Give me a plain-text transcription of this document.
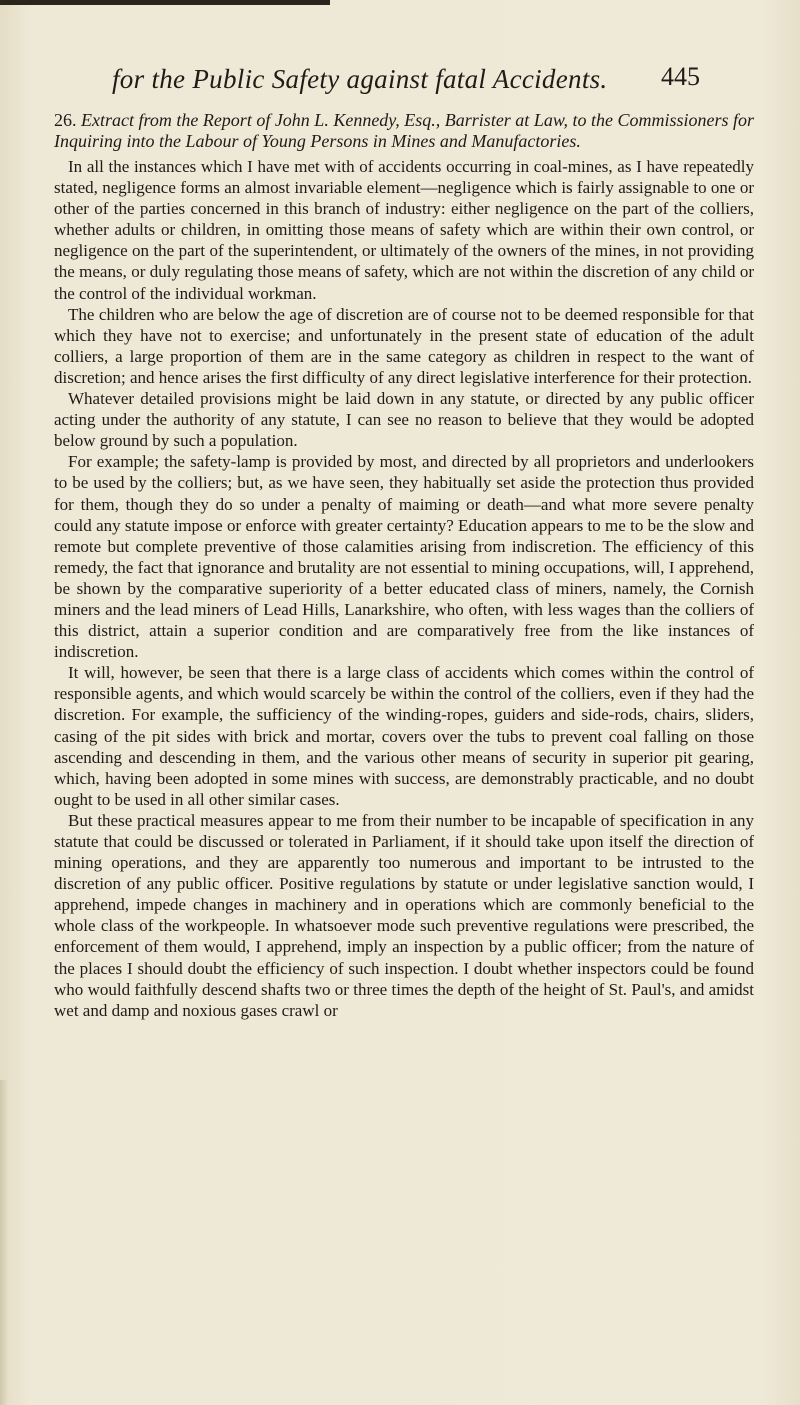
for the Public Safety against fatal Accidents. 445

26. Extract from the Report of John L. Kennedy, Esq., Barrister at Law, to the Commissioners for Inquiring into the Labour of Young Persons in Mines and Manufactories.

In all the instances which I have met with of accidents occurring in coal-mines, as I have repeatedly stated, negligence forms an almost invariable element—negligence which is fairly assignable to one or other of the parties concerned in this branch of industry: either negligence on the part of the colliers, whether adults or children, in omitting those means of safety which are within their own control, or negligence on the part of the superintendent, or ultimately of the owners of the mines, in not providing the means, or duly regulating those means of safety, which are not within the discretion of any child or the control of the individual workman.

The children who are below the age of discretion are of course not to be deemed responsible for that which they have not to exercise; and unfortunately in the present state of education of the adult colliers, a large proportion of them are in the same category as children in respect to the want of discretion; and hence arises the first difficulty of any direct legislative interference for their protection.

Whatever detailed provisions might be laid down in any statute, or directed by any public officer acting under the authority of any statute, I can see no reason to believe that they would be adopted below ground by such a population.

For example; the safety-lamp is provided by most, and directed by all proprietors and underlookers to be used by the colliers; but, as we have seen, they habitually set aside the protection thus provided for them, though they do so under a penalty of maiming or death—and what more severe penalty could any statute impose or enforce with greater certainty? Education appears to me to be the slow and remote but complete preventive of those calamities arising from indiscretion. The efficiency of this remedy, the fact that ignorance and brutality are not essential to mining occupations, will, I apprehend, be shown by the comparative superiority of a better educated class of miners, namely, the Cornish miners and the lead miners of Lead Hills, Lanarkshire, who often, with less wages than the colliers of this district, attain a superior condition and are comparatively free from the like instances of indiscretion.

It will, however, be seen that there is a large class of accidents which comes within the control of responsible agents, and which would scarcely be within the control of the colliers, even if they had the discretion. For example, the sufficiency of the winding-ropes, guiders and side-rods, chairs, sliders, casing of the pit sides with brick and mortar, covers over the tubs to prevent coal falling on those ascending and descending in them, and the various other means of security in superior pit gearing, which, having been adopted in some mines with success, are demonstrably practicable, and no doubt ought to be used in all other similar cases.

But these practical measures appear to me from their number to be incapable of specification in any statute that could be discussed or tolerated in Parliament, if it should take upon itself the direction of mining operations, and they are apparently too numerous and important to be intrusted to the discretion of any public officer. Positive regulations by statute or under legislative sanction would, I apprehend, impede changes in machinery and in operations which are commonly beneficial to the whole class of the workpeople. In whatsoever mode such preventive regulations were prescribed, the enforcement of them would, I apprehend, imply an inspection by a public officer; from the nature of the places I should doubt the efficiency of such inspection. I doubt whether inspectors could be found who would faithfully descend shafts two or three times the depth of the height of St. Paul's, and amidst wet and damp and noxious gases crawl or
